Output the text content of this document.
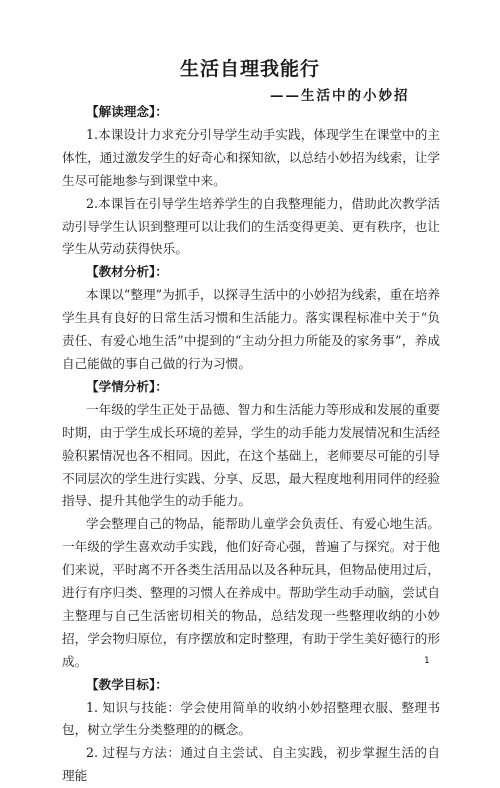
生活自理我能行
——生活中的小妙招
【解读理念】：

1.本课设计力求充分引导学生动手实践，体现学生在课堂中的主体性，通过激发学生的好奇心和探知欲，以总结小妙招为线索，让学生尽可能地参与到课堂中来。

2.本课旨在引导学生培养学生的自我整理能力，借助此次教学活动引导学生认识到整理可以让我们的生活变得更美、更有秩序，也让学生从劳动获得快乐。

【教材分析】：

本课以“整理”为抓手，以探寻生活中的小妙招为线索，重在培养学生具有良好的日常生活习惯和生活能力。落实课程标准中关于“负责任、有爱心地生活”中提到的“主动分担力所能及的家务事”，养成自己能做的事自己做的行为习惯。

【学情分析】：

一年级的学生正处于品德、智力和生活能力等形成和发展的重要时期，由于学生成长环境的差异，学生的动手能力发展情况和生活经验积累情况也各不相同。因此，在这个基础上，老师要尽可能的引导不同层次的学生进行实践、分享、反思，最大程度地利用同伴的经验指导、提升其他学生的动手能力。

学会整理自己的物品，能帮助儿童学会负责任、有爱心地生活。一年级的学生喜欢动手实践，他们好奇心强，普遍了与探究。对于他们来说，平时离不开各类生活用品以及各种玩具，但物品使用过后，进行有序归类、整理的习惯人在养成中。帮助学生动手动脑，尝试自主整理与自己生活密切相关的物品，总结发现一些整理收纳的小妙招，学会物归原位，有序摆放和定时整理，有助于学生美好德行的形成。

【教学目标】：

1. 知识与技能：学会使用简单的收纳小妙招整理衣服、整理书包，树立学生分类整理的的概念。

2. 过程与方法：通过自主尝试、自主实践，初步掌握生活的自理能

1
